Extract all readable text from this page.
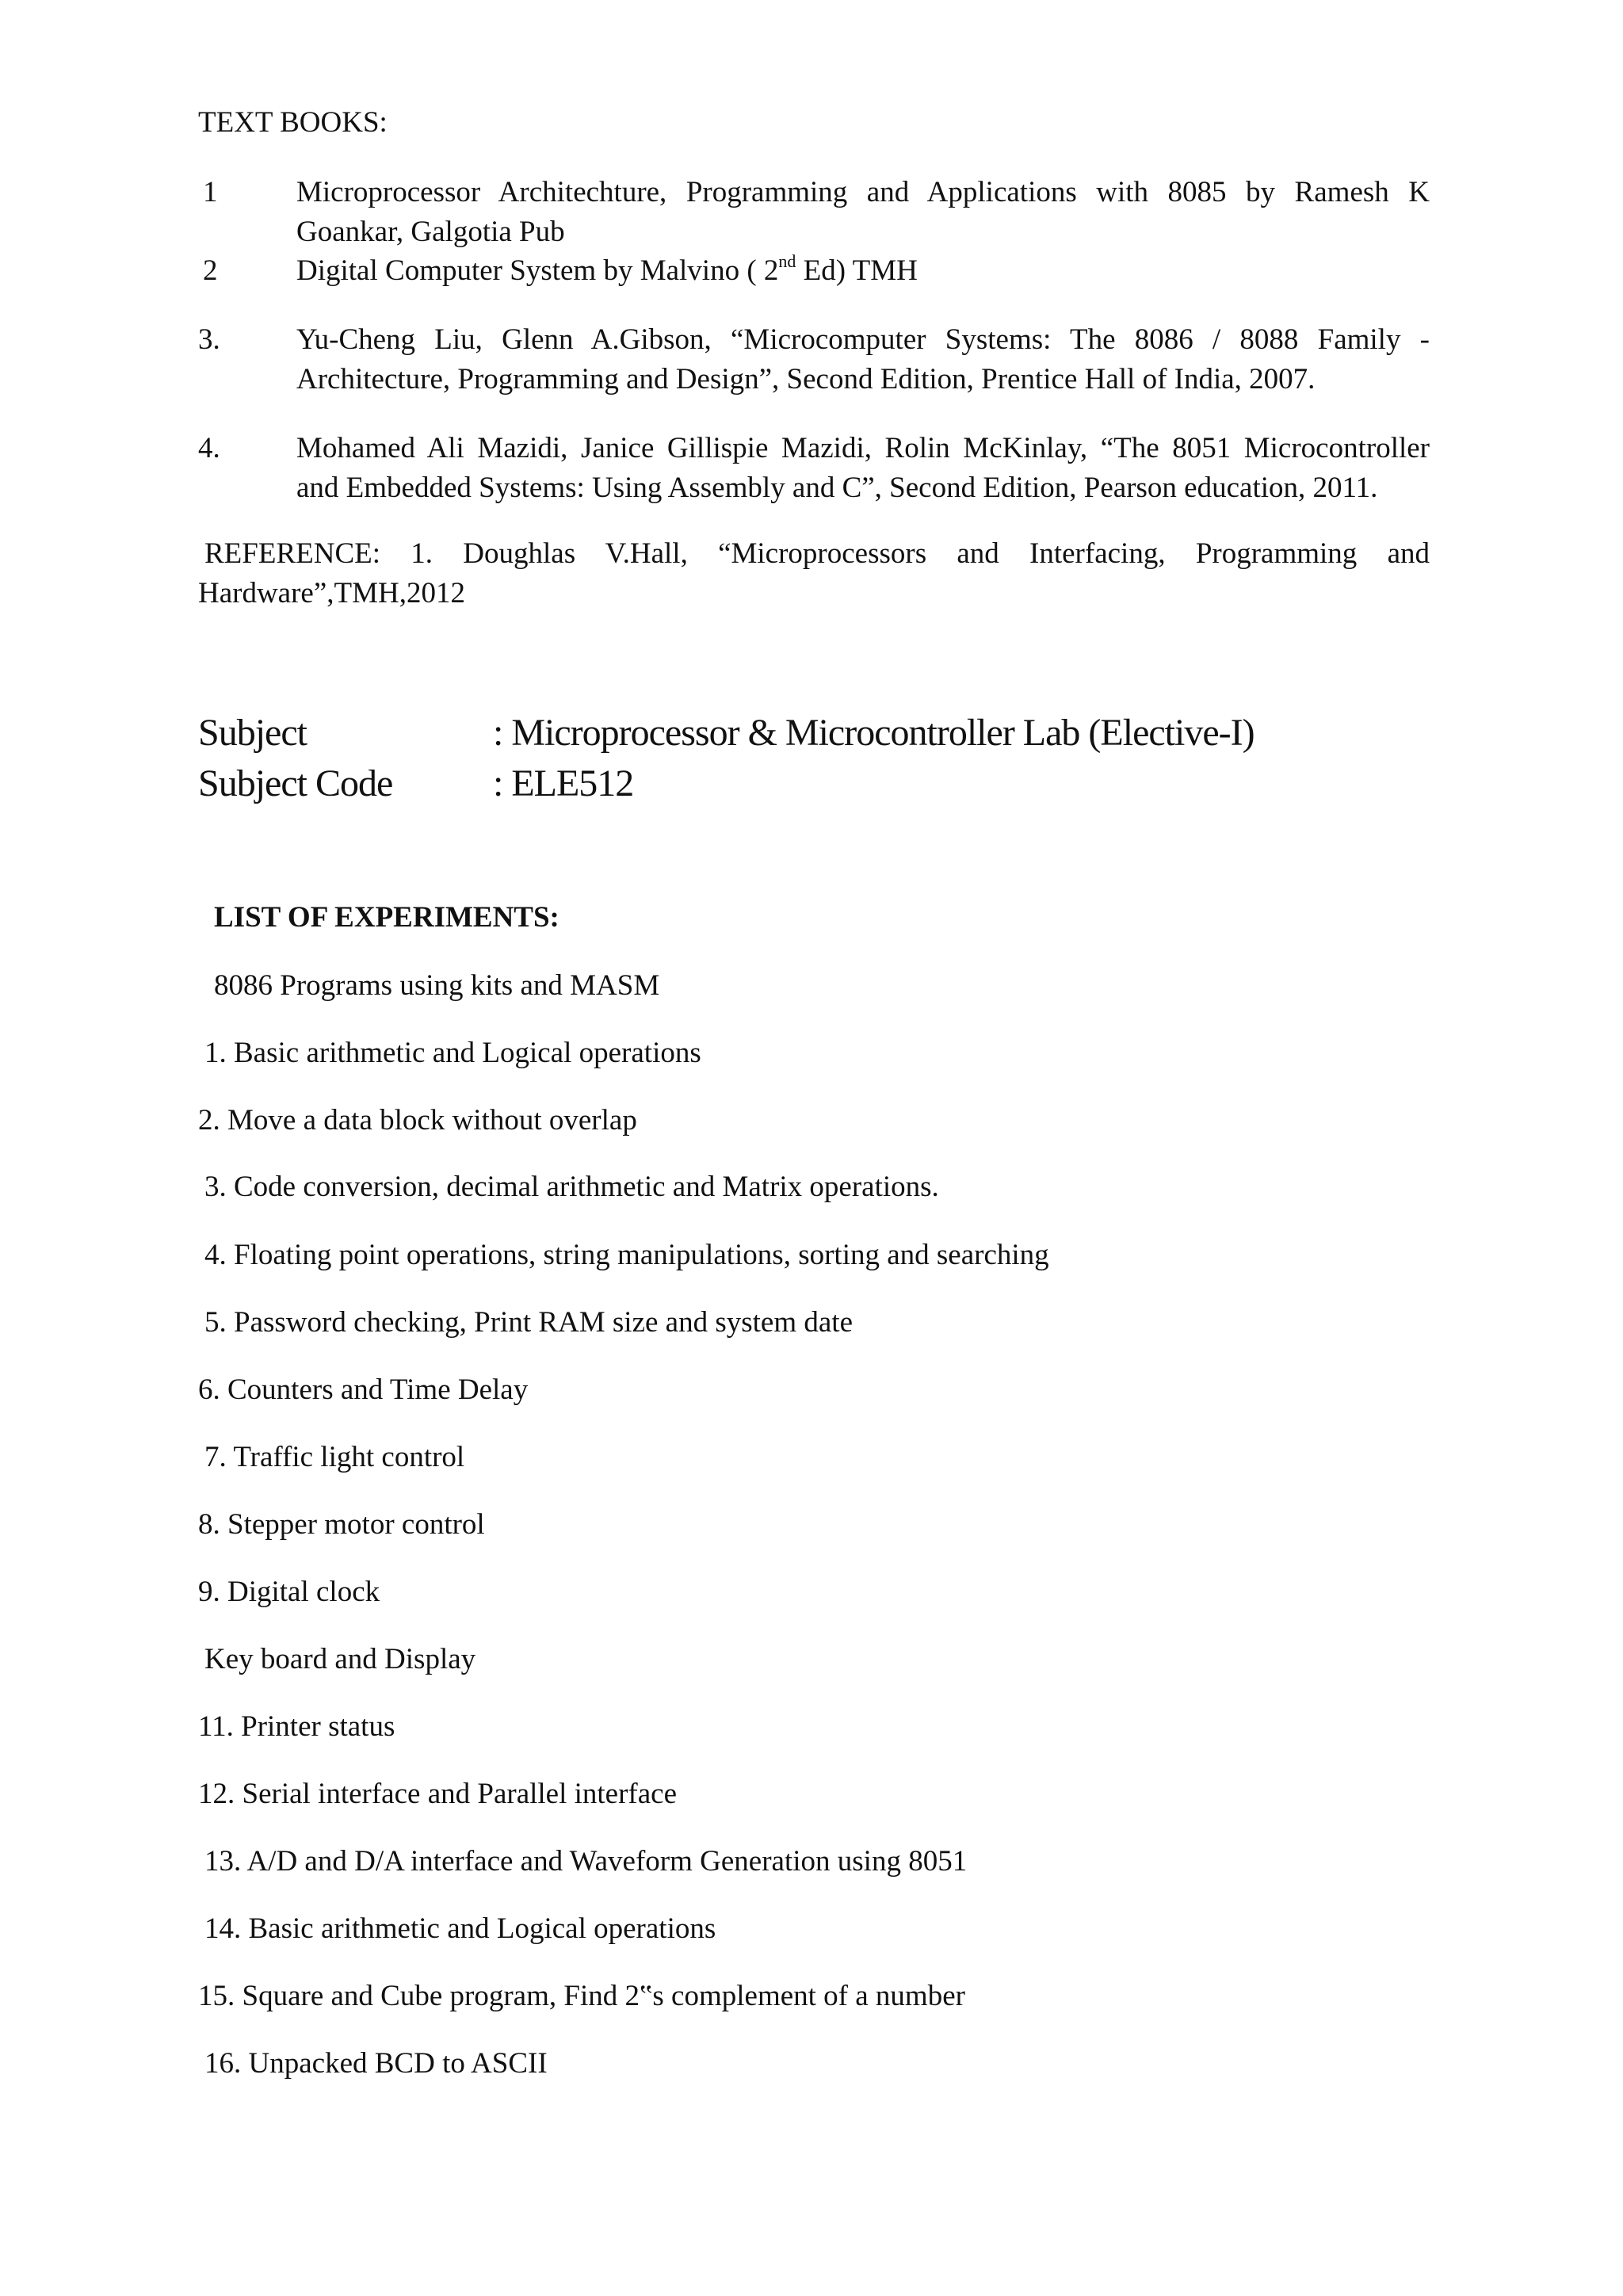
TEXT BOOKS:
1	Microprocessor Architechture, Programming and Applications with 8085 by Ramesh K
Goankar, Galgotia Pub
2	Digital Computer System by Malvino ( 2nd Ed) TMH
3.	Yu-Cheng Liu, Glenn A.Gibson, “Microcomputer Systems: The 8086 / 8088 Family -
Architecture, Programming and Design”, Second Edition, Prentice Hall of India, 2007.
4.	Mohamed Ali Mazidi, Janice Gillispie Mazidi, Rolin McKinlay, “The 8051 Microcontroller
and Embedded Systems: Using Assembly and C”, Second Edition, Pearson education, 2011.
REFERENCE: 1. Doughlas V.Hall, “Microprocessors and Interfacing, Programming and
Hardware”,TMH,2012
Subject	: Microprocessor & Microcontroller Lab (Elective-I)
Subject Code	: ELE512
LIST OF EXPERIMENTS:
8086 Programs using kits and MASM
1. Basic arithmetic and Logical operations
2. Move a data block without overlap
3. Code conversion, decimal arithmetic and Matrix operations.
4. Floating point operations, string manipulations, sorting and searching
5. Password checking, Print RAM size and system date
6. Counters and Time Delay
7. Traffic light control
8. Stepper motor control
9. Digital clock
Key board and Display
11. Printer status
12. Serial interface and Parallel interface
13. A/D and D/A interface and Waveform Generation using 8051
14. Basic arithmetic and Logical operations
15. Square and Cube program, Find 2‟s complement of a number
16. Unpacked BCD to ASCII
